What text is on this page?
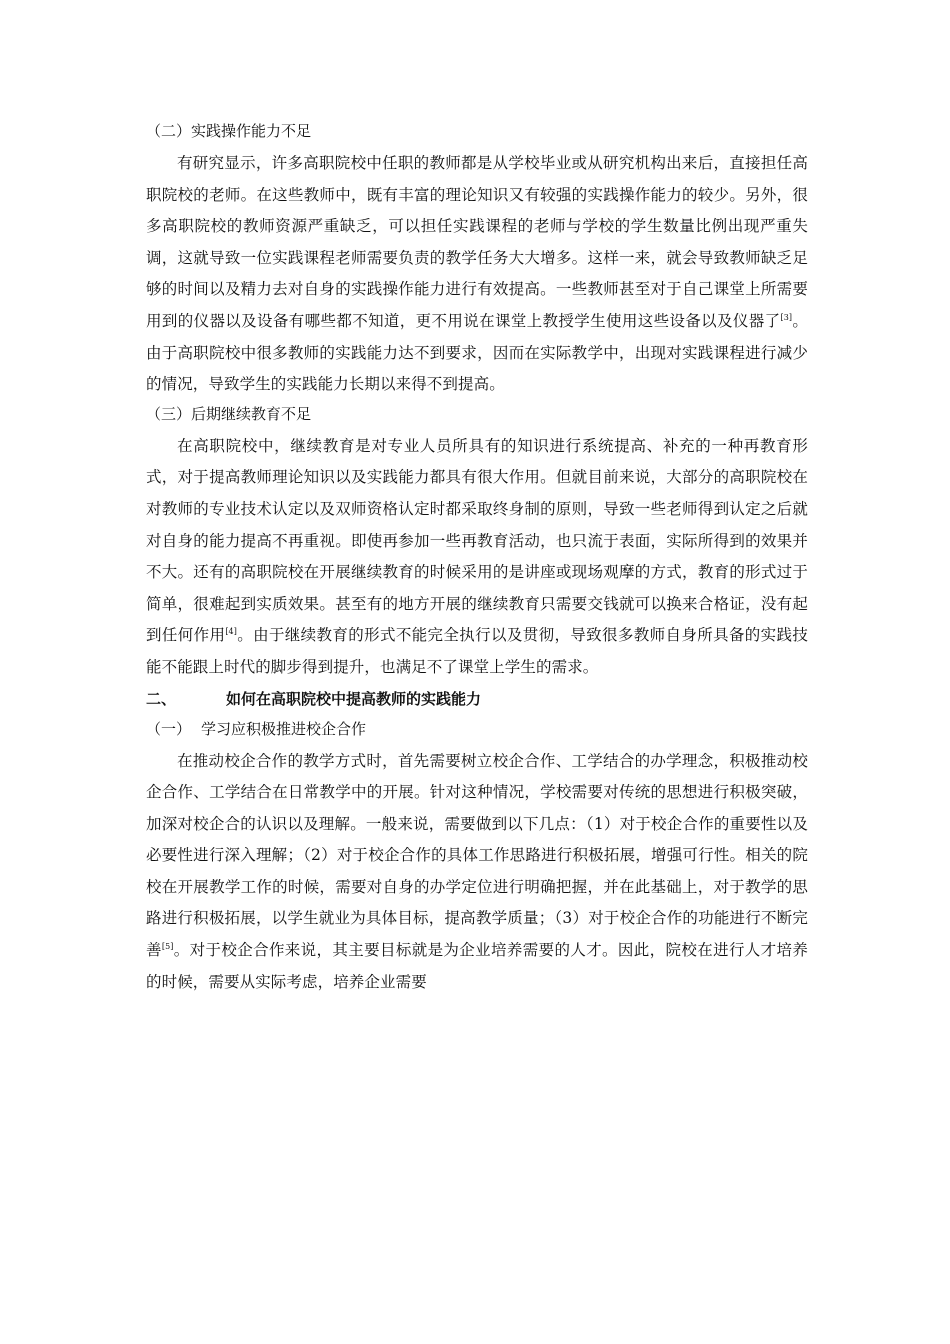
（二）实践操作能力不足

有研究显示，许多高职院校中任职的教师都是从学校毕业或从研究机构出来后，直接担任高职院校的老师。在这些教师中，既有丰富的理论知识又有较强的实践操作能力的较少。另外，很多高职院校的教师资源严重缺乏，可以担任实践课程的老师与学校的学生数量比例出现严重失调，这就导致一位实践课程老师需要负责的教学任务大大增多。这样一来，就会导致教师缺乏足够的时间以及精力去对自身的实践操作能力进行有效提高。一些教师甚至对于自己课堂上所需要用到的仪器以及设备有哪些都不知道，更不用说在课堂上教授学生使用这些设备以及仪器了[3]。由于高职院校中很多教师的实践能力达不到要求，因而在实际教学中，出现对实践课程进行减少的情况，导致学生的实践能力长期以来得不到提高。

（三）后期继续教育不足

在高职院校中，继续教育是对专业人员所具有的知识进行系统提高、补充的一种再教育形式，对于提高教师理论知识以及实践能力都具有很大作用。但就目前来说，大部分的高职院校在对教师的专业技术认定以及双师资格认定时都采取终身制的原则，导致一些老师得到认定之后就对自身的能力提高不再重视。即使再参加一些再教育活动，也只流于表面，实际所得到的效果并不大。还有的高职院校在开展继续教育的时候采用的是讲座或现场观摩的方式，教育的形式过于简单，很难起到实质效果。甚至有的地方开展的继续教育只需要交钱就可以换来合格证，没有起到任何作用[4]。由于继续教育的形式不能完全执行以及贯彻，导致很多教师自身所具备的实践技能不能跟上时代的脚步得到提升，也满足不了课堂上学生的需求。

二、	如何在高职院校中提高教师的实践能力
（一） 学习应积极推进校企合作

在推动校企合作的教学方式时，首先需要树立校企合作、工学结合的办学理念，积极推动校企合作、工学结合在日常教学中的开展。针对这种情况，学校需要对传统的思想进行积极突破，加深对校企合的认识以及理解。一般来说，需要做到以下几点：（1）对于校企合作的重要性以及必要性进行深入理解；（2）对于校企合作的具体工作思路进行积极拓展，增强可行性。相关的院校在开展教学工作的时候，需要对自身的办学定位进行明确把握，并在此基础上，对于教学的思路进行积极拓展，以学生就业为具体目标，提高教学质量；（3）对于校企合作的功能进行不断完善[5]。对于校企合作来说，其主要目标就是为企业培养需要的人才。因此，院校在进行人才培养的时候，需要从实际考虑，培养企业需要
